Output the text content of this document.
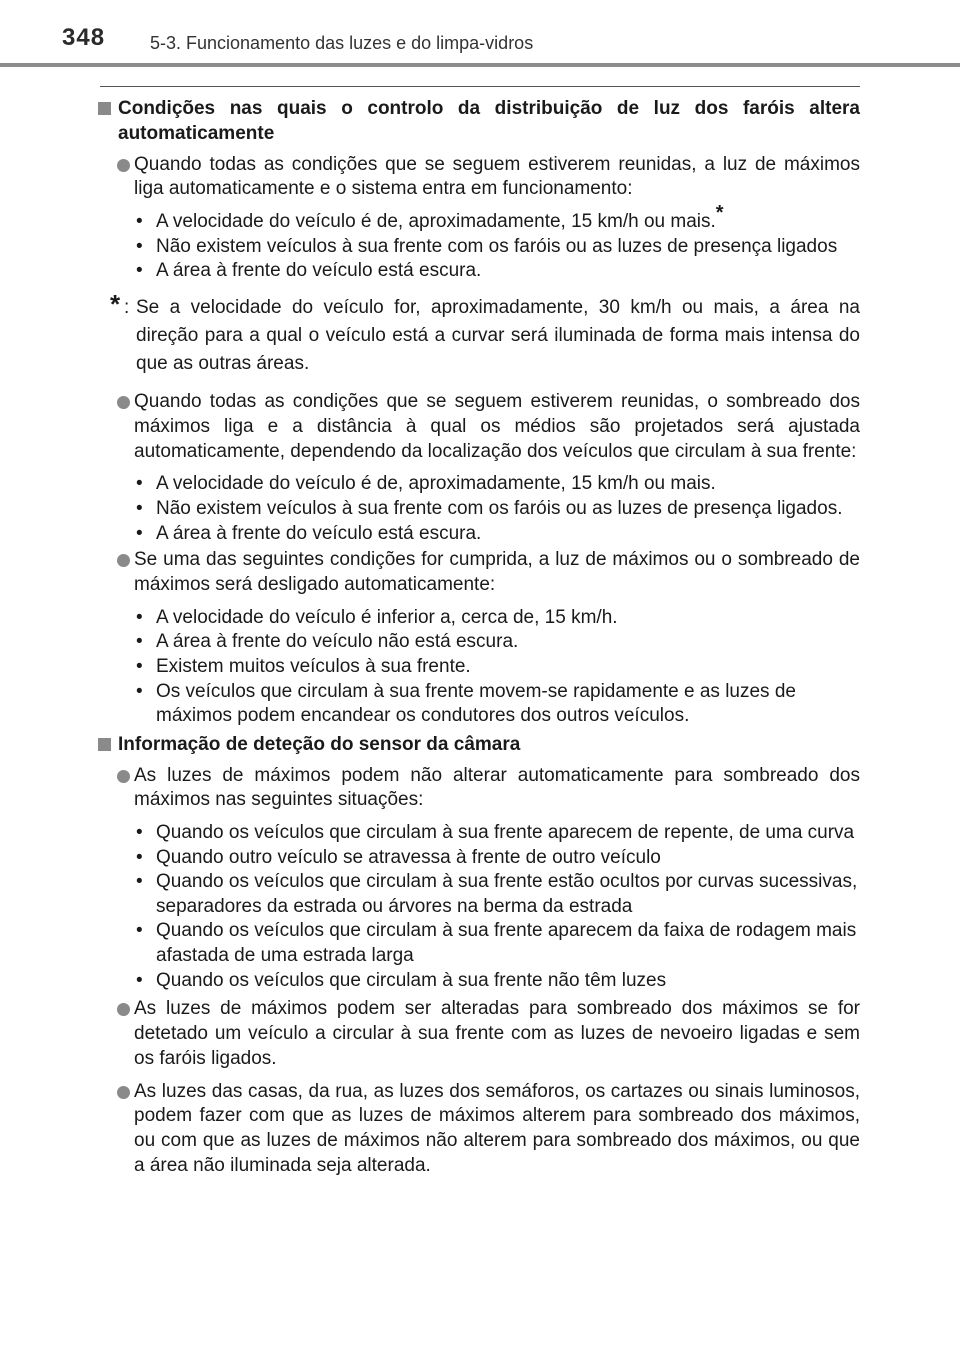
348 5-3. Funcionamento das luzes e do limpa-vidros
Condições nas quais o controlo da distribuição de luz dos faróis altera automaticamente
Quando todas as condições que se seguem estiverem reunidas, a luz de máximos liga automaticamente e o sistema entra em funcionamento:
• A velocidade do veículo é de, aproximadamente, 15 km/h ou mais.*
• Não existem veículos à sua frente com os faróis ou as luzes de presença ligados
• A área à frente do veículo está escura.
* : Se a velocidade do veículo for, aproximadamente, 30 km/h ou mais, a área na direção para a qual o veículo está a curvar será iluminada de forma mais intensa do que as outras áreas.
Quando todas as condições que se seguem estiverem reunidas, o sombreado dos máximos liga e a distância à qual os médios são projetados será ajustada automaticamente, dependendo da localização dos veículos que circulam à sua frente:
• A velocidade do veículo é de, aproximadamente, 15 km/h ou mais.
• Não existem veículos à sua frente com os faróis ou as luzes de presença ligados.
• A área à frente do veículo está escura.
Se uma das seguintes condições for cumprida, a luz de máximos ou o sombreado de máximos será desligado automaticamente:
• A velocidade do veículo é inferior a, cerca de, 15 km/h.
• A área à frente do veículo não está escura.
• Existem muitos veículos à sua frente.
• Os veículos que circulam à sua frente movem-se rapidamente e as luzes de máximos podem encandear os condutores dos outros veículos.
Informação de deteção do sensor da câmara
As luzes de máximos podem não alterar automaticamente para sombreado dos máximos nas seguintes situações:
• Quando os veículos que circulam à sua frente aparecem de repente, de uma curva
• Quando outro veículo se atravessa à frente de outro veículo
• Quando os veículos que circulam à sua frente estão ocultos por curvas sucessivas, separadores da estrada ou árvores na berma da estrada
• Quando os veículos que circulam à sua frente aparecem da faixa de rodagem mais afastada de uma estrada larga
• Quando os veículos que circulam à sua frente não têm luzes
As luzes de máximos podem ser alteradas para sombreado dos máximos se for detetado um veículo a circular à sua frente com as luzes de nevoeiro ligadas e sem os faróis ligados.
As luzes das casas, da rua, as luzes dos semáforos, os cartazes ou sinais luminosos, podem fazer com que as luzes de máximos alterem para sombreado dos máximos, ou com que as luzes de máximos não alterem para sombreado dos máximos, ou que a área não iluminada seja alterada.
